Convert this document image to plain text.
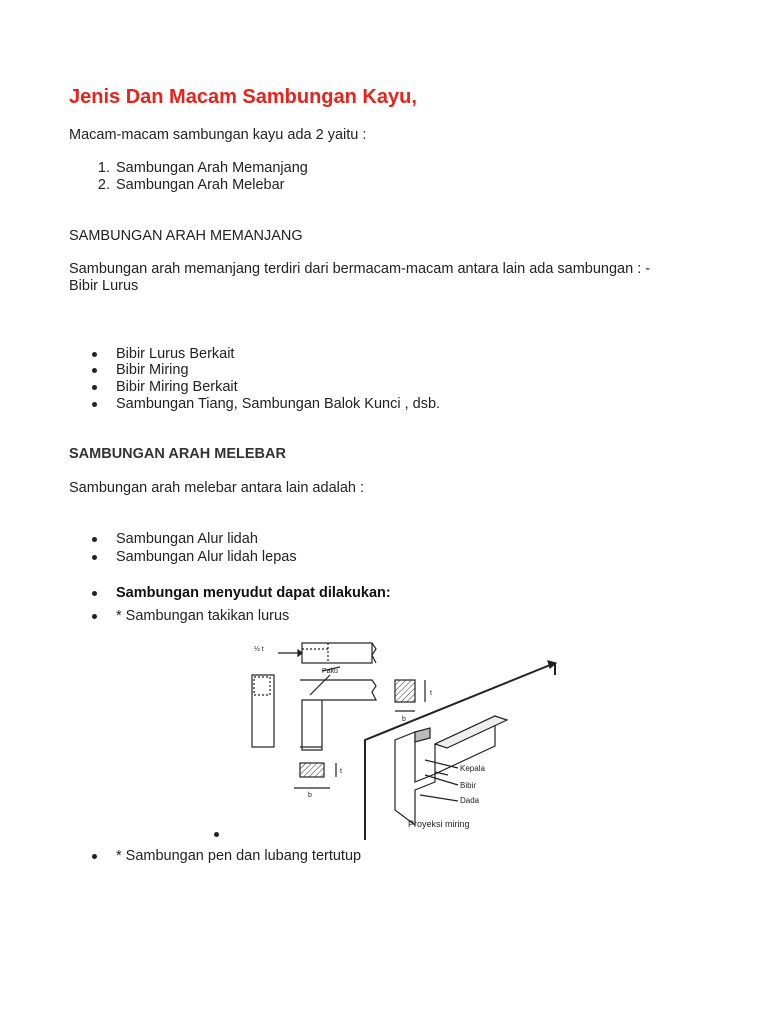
Jenis Dan Macam Sambungan Kayu,
Macam-macam sambungan kayu ada 2 yaitu :
1. Sambungan Arah Memanjang
2. Sambungan Arah Melebar
SAMBUNGAN ARAH MEMANJANG
Sambungan arah memanjang terdiri dari bermacam-macam antara lain ada sambungan : -
Bibir Lurus
Bibir Lurus Berkait
Bibir Miring
Bibir Miring Berkait
Sambungan Tiang, Sambungan Balok Kunci , dsb.
SAMBUNGAN ARAH MELEBAR
Sambungan arah melebar antara lain adalah :
Sambungan Alur lidah
Sambungan Alur lidah lepas
Sambungan menyudut dapat dilakukan:
* Sambungan takikan lurus
½ t
Paku
b
t
b
t	Kepala
Bibir
Dada
Proyeksi miring
* Sambungan pen dan lubang tertutup
